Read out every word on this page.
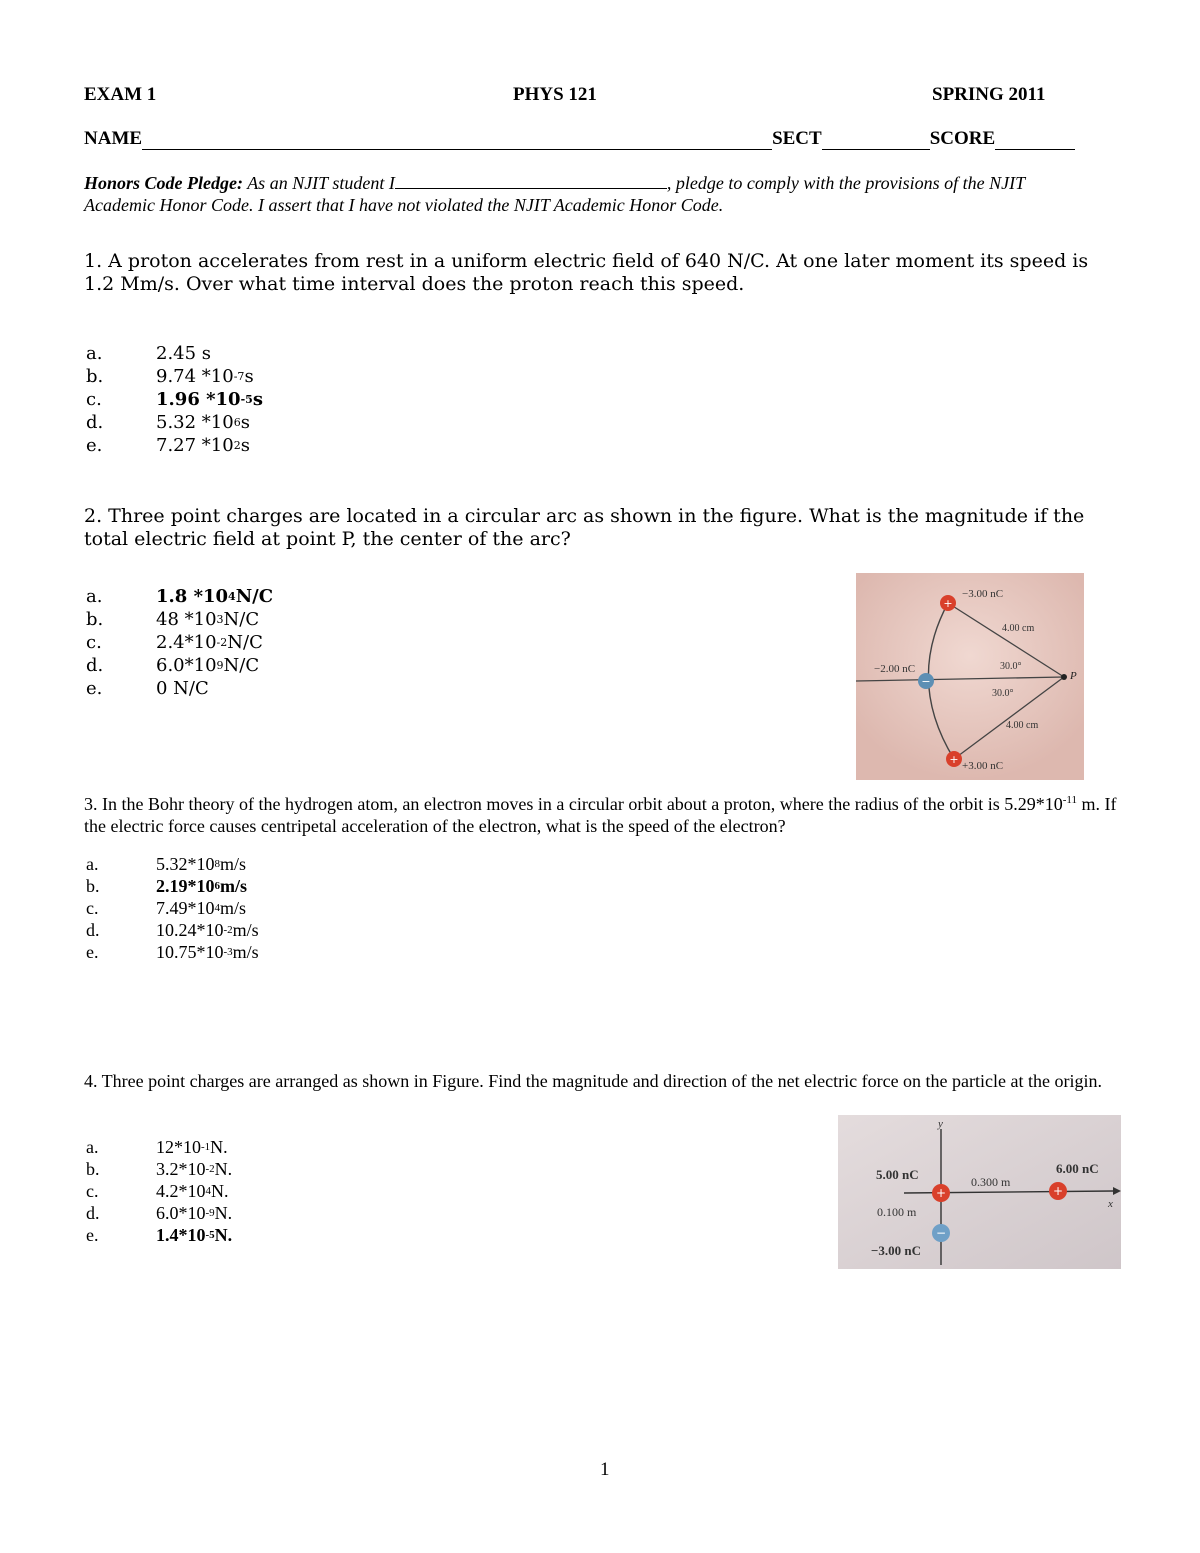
EXAM 1	PHYS 121	SPRING 2011
NAME	SECT	SCORE
Honors Code Pledge: As an NJIT student I	, pledge to comply with the provisions of the NJIT
Academic Honor Code. I assert that I have not violated the NJIT Academic Honor Code.
1. A proton accelerates from rest in a uniform electric field of 640 N/C. At one later moment its speed is 1.2 Mm/s. Over what time interval does the proton reach this speed.
a.	2.45 s
b.	9.74 *10 -7 s
c.	1.96 *10 -5 s
d.	5.32 *10 6 s
e.	7.27 *10 2 s
2. Three point charges are located in a circular arc as shown in the figure. What is the magnitude if the total electric field at point P, the center of the arc?
a.	1.8 *10 4 N/C
b.	48 *10 3 N/C
c.	2.4*10 -2 N/C
d.	6.0*10 9 N/C
e.	0 N/C
+
−
+
−3.00 nC
−2.00 nC
+3.00 nC
4.00 cm
4.00 cm
30.0°
30.0°
P
3. In the Bohr theory of the hydrogen atom, an electron moves in a circular orbit about a proton, where the radius of the orbit is $5.29*10^{-11}$ m. If the electric force causes centripetal acceleration of the electron, what is the speed of the electron?
a.	5.32*10 8 m/s
b.	2.19*10 6 m/s
c.	7.49*10 4 m/s
d.	10.24*10 -2 m/s
e.	10.75*10 -3 m/s
4. Three point charges are arranged as shown in Figure. Find the magnitude and direction of the net electric force on the particle at the origin.
a.	12*10 -1 N.
b.	3.2*10 -2 N.
c.	4.2*10 4 N.
d.	6.0*10 -9 N.
e.	1.4*10 -5 N.
+	+
−
y
x
5.00 nC	6.00 nC
−3.00 nC
0.300 m
0.100 m
1
